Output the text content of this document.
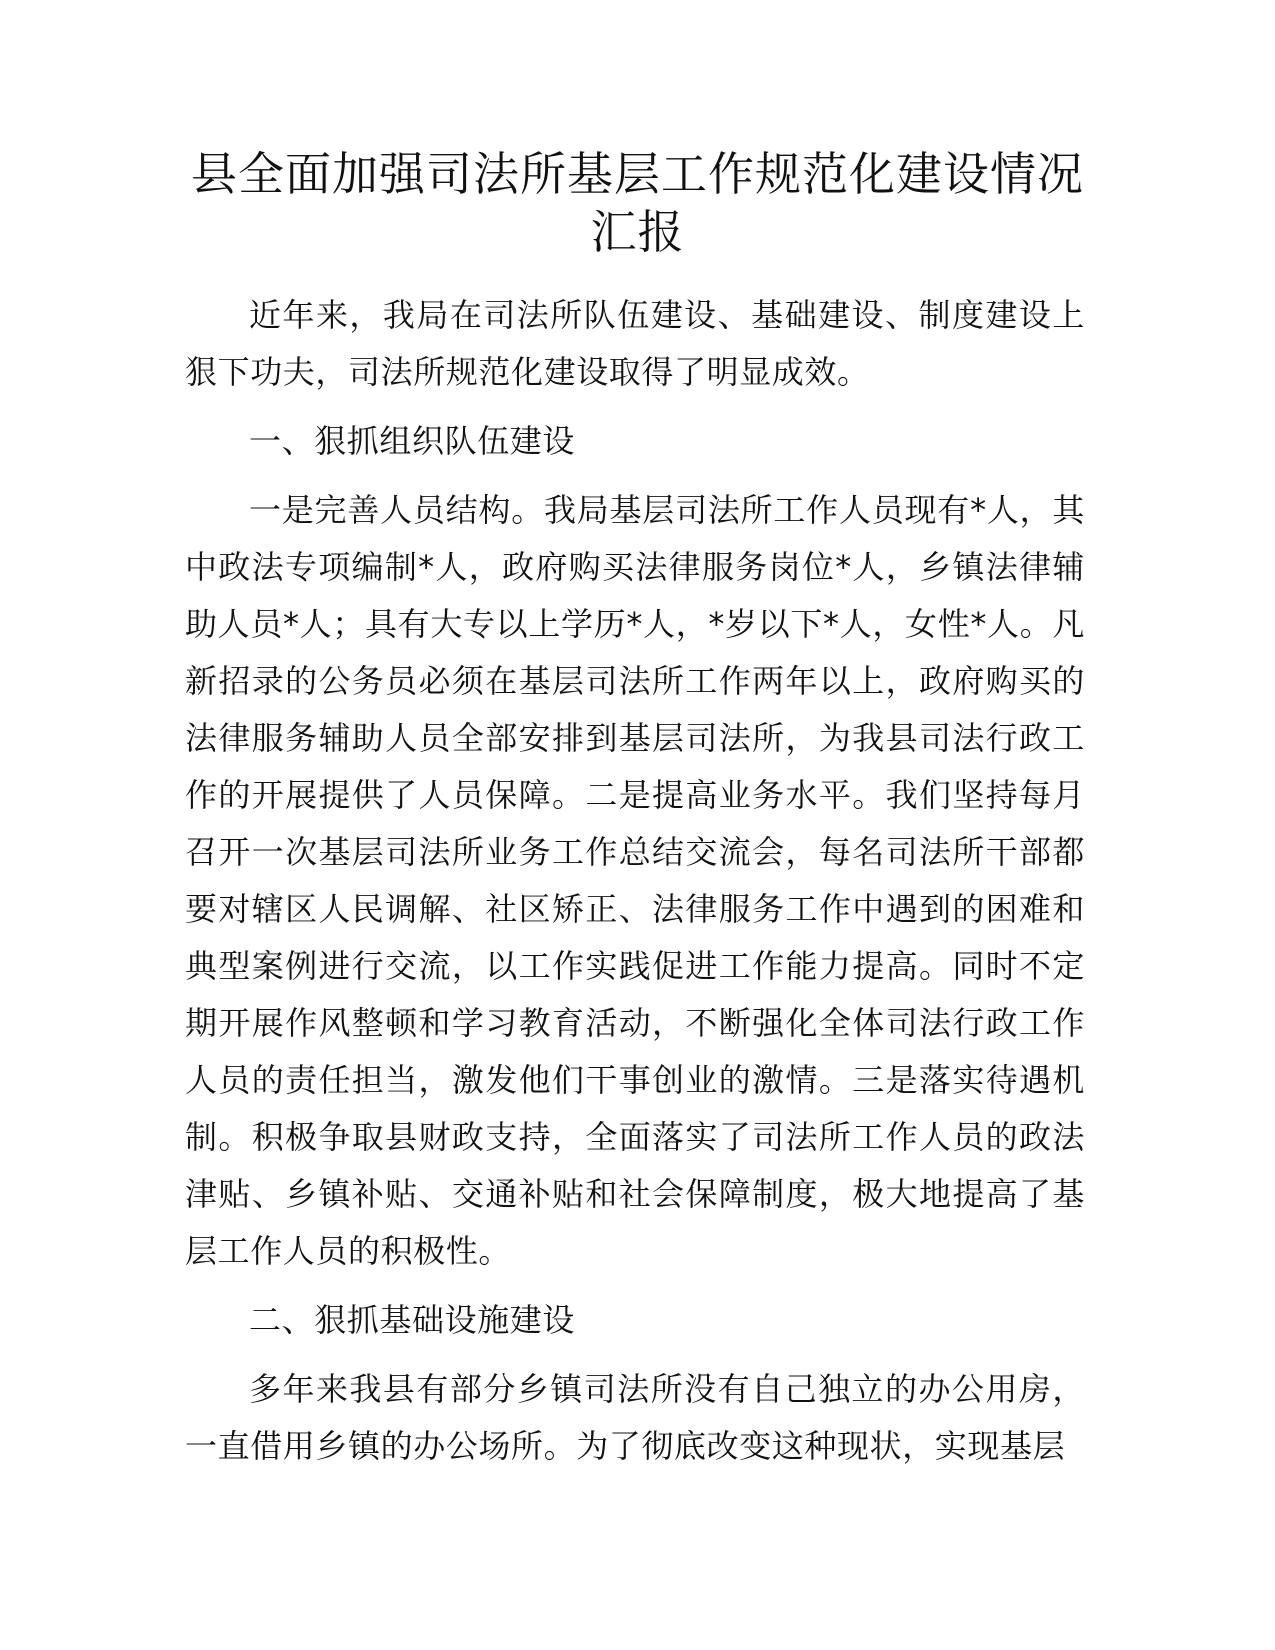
县全面加强司法所基层工作规范化建设情况汇报

近年来，我局在司法所队伍建设、基础建设、制度建设上狠下功夫，司法所规范化建设取得了明显成效。

一、狠抓组织队伍建设

一是完善人员结构。我局基层司法所工作人员现有*人，其中政法专项编制*人，政府购买法律服务岗位*人，乡镇法律辅助人员*人；具有大专以上学历*人，*岁以下*人，女性*人。凡新招录的公务员必须在基层司法所工作两年以上，政府购买的法律服务辅助人员全部安排到基层司法所，为我县司法行政工作的开展提供了人员保障。二是提高业务水平。我们坚持每月召开一次基层司法所业务工作总结交流会，每名司法所干部都要对辖区人民调解、社区矫正、法律服务工作中遇到的困难和典型案例进行交流，以工作实践促进工作能力提高。同时不定期开展作风整顿和学习教育活动，不断强化全体司法行政工作人员的责任担当，激发他们干事创业的激情。三是落实待遇机制。积极争取县财政支持，全面落实了司法所工作人员的政法津贴、乡镇补贴、交通补贴和社会保障制度，极大地提高了基层工作人员的积极性。

二、狠抓基础设施建设

多年来我县有部分乡镇司法所没有自己独立的办公用房，一直借用乡镇的办公场所。为了彻底改变这种现状，实现基层
